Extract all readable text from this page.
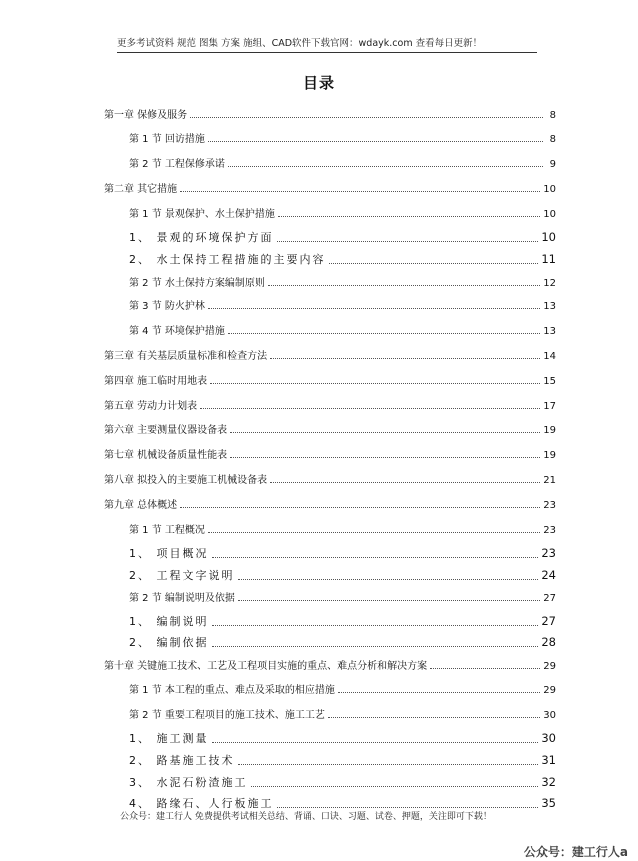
更多考试资料 规范 图集 方案 施组、CAD软件下载官网：wdayk.com 查看每日更新！
目录
第一章 保修及服务	8
第 1 节 回访措施	8
第 2 节 工程保修承诺	9
第二章 其它措施	10
第 1 节 景观保护、水土保护措施	10
1、 景观的环境保护方面	10
2、 水土保持工程措施的主要内容	11
第 2 节 水土保持方案编制原则	12
第 3 节 防火护林	13
第 4 节 环境保护措施	13
第三章 有关基层质量标准和检查方法	14
第四章 施工临时用地表	15
第五章 劳动力计划表	17
第六章 主要测量仪器设备表	19
第七章 机械设备质量性能表	19
第八章 拟投入的主要施工机械设备表	21
第九章 总体概述	23
第 1 节 工程概况	23
1、 项目概况	23
2、 工程文字说明	24
第 2 节 编制说明及依据	27
1、 编制说明	27
2、 编制依据	28
第十章 关键施工技术、工艺及工程项目实施的重点、难点分析和解决方案	29
第 1 节 本工程的重点、难点及采取的相应措施	29
第 2 节 重要工程项目的施工技术、施工工艺	30
1、 施工测量	30
2、 路基施工技术	31
3、 水泥石粉渣施工	32
4、 路缘石、人行板施工	35
公众号：建工行人 免费提供考试相关总结、背诵、口诀、习题、试卷、押题，关注即可下载！
公众号：建工行人a
